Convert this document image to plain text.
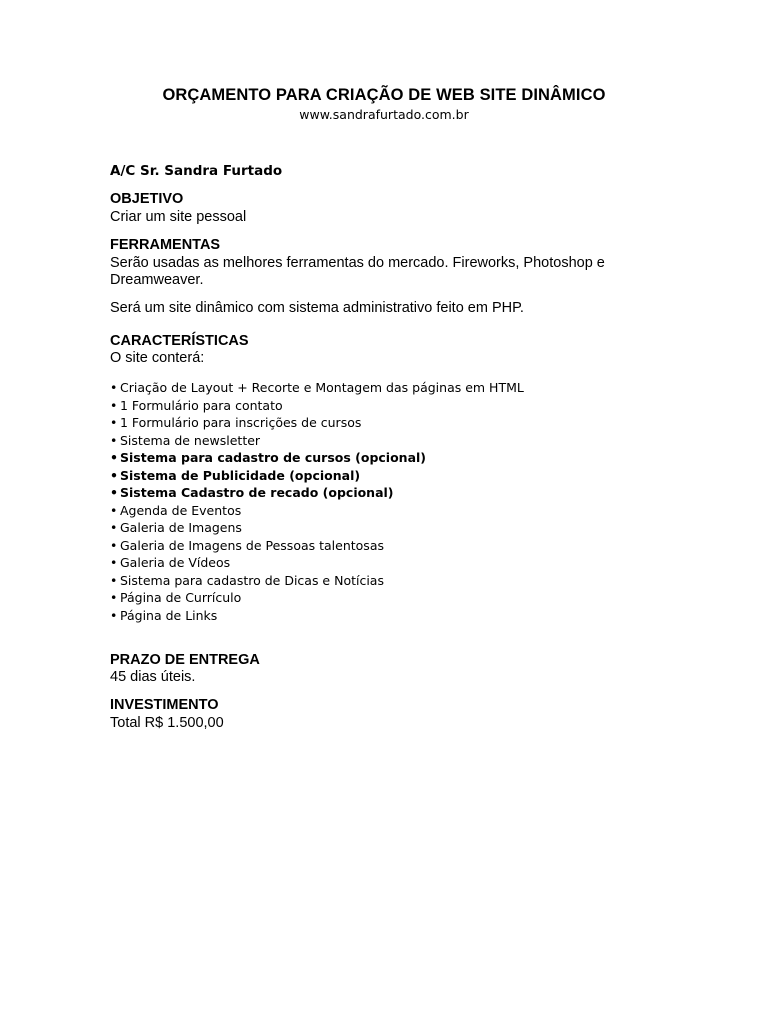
ORÇAMENTO PARA CRIAÇÃO DE WEB SITE DINÂMICO
www.sandrafurtado.com.br
A/C Sr. Sandra Furtado
OBJETIVO

Criar um site pessoal

FERRAMENTAS

Serão usadas as melhores ferramentas do mercado. Fireworks, Photoshop e Dreamweaver.

Será um site dinâmico com sistema administrativo feito em PHP.

CARACTERÍSTICAS

O site conterá:

• Criação de Layout + Recorte e Montagem das páginas em HTML
• 1 Formulário para contato
• 1 Formulário para inscrições de cursos
• Sistema de newsletter
• Sistema para cadastro de cursos (opcional)
• Sistema de Publicidade (opcional)
• Sistema Cadastro de recado (opcional)
• Agenda de Eventos
• Galeria de Imagens
• Galeria de Imagens de Pessoas talentosas
• Galeria de Vídeos
• Sistema para cadastro de Dicas e Notícias
• Página de Currículo
• Página de Links
PRAZO DE ENTREGA

45 dias úteis.

INVESTIMENTO

Total R$ 1.500,00
